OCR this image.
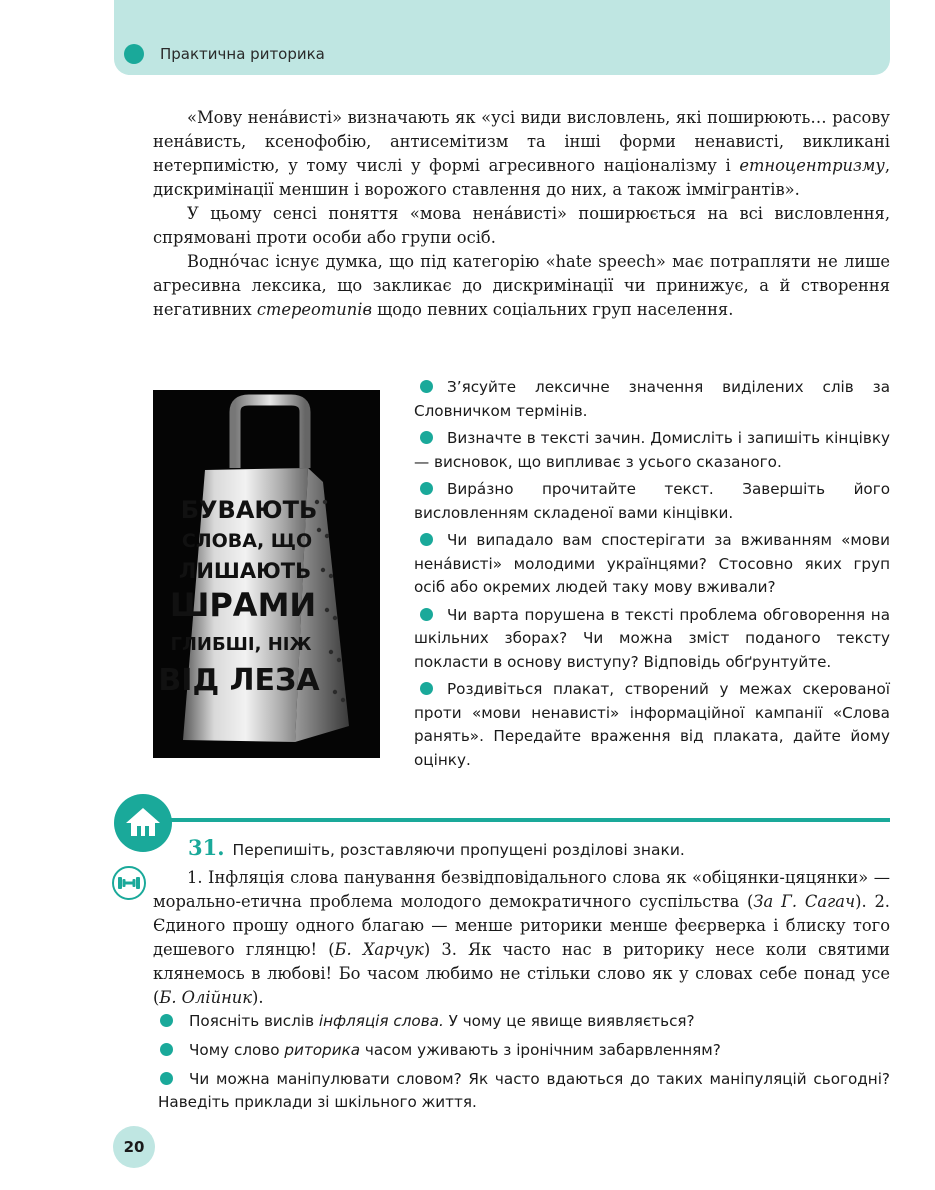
Практична риторика

«Мову нена́висті» визначають як «усі види висловлень, які поширюють… расову нена́висть, ксенофобію, антисемітизм та інші форми ненависті, викликані нетерпимістю, у тому числі у формі агресивного націоналізму і етноцентризму, дискримінації меншин і ворожого ставлення до них, а також іммігрантів».

У цьому сенсі поняття «мова нена́висті» поширюється на всі висловлення, спрямовані проти особи або групи осіб.

Водно́час існує думка, що під категорію «hate speech» має потрапляти не лише агресивна лексика, що закликає до дискримінації чи принижує, а й створення негативних стереотипів щодо певних соціальних груп населення.

БУВАЮТЬ
СЛОВА, ЩО
ЛИШАЮТЬ
ШРАМИ
ГЛИБШІ, НІЖ
ВІД ЛЕЗА
З’ясуйте лексичне значення виділених слів за Словничком термінів.
Визначте в тексті зачин. Домисліть і запишіть кінцівку — висновок, що випливає з усього сказаного.
Вира́зно прочитайте текст. Завершіть його висловленням складеної вами кінцівки.
Чи випадало вам спостерігати за вживанням «мови нена́висті» молодими українцями? Стосовно яких груп осіб або окремих людей таку мову вживали?
Чи варта порушена в тексті проблема обговорення на шкільних зборах? Чи можна зміст поданого тексту покласти в основу виступу? Відповідь обґрунтуйте.
Роздивіться плакат, створений у межах скерованої проти «мови ненависті» інформаційної кампанії «Слова ранять». Передайте враження від плаката, дайте йому оцінку.
31. Перепишіть, розставляючи пропущені розділові знаки.

1. Інфляція слова панування безвідповідального слова як «обіцянки-цяцянки» — морально-етична проблема молодого демократичного суспільства (За Г. Сагач). 2. Єдиного прошу одного благаю — менше риторики менше феєрверка і блиску того дешевого глянцю! (Б. Харчук) 3. Як часто нас в риторику несе коли святими клянемось в любові! Бо часом любимо не стільки слово як у словах себе понад усе (Б. Олійник).

Поясніть вислів інфляція слова. У чому це явище виявляється?
Чому слово риторика часом уживають з іронічним забарвленням?
Чи можна маніпулювати словом? Як часто вдаються до таких маніпуляцій сьогодні? Наведіть приклади зі шкільного життя.
20
